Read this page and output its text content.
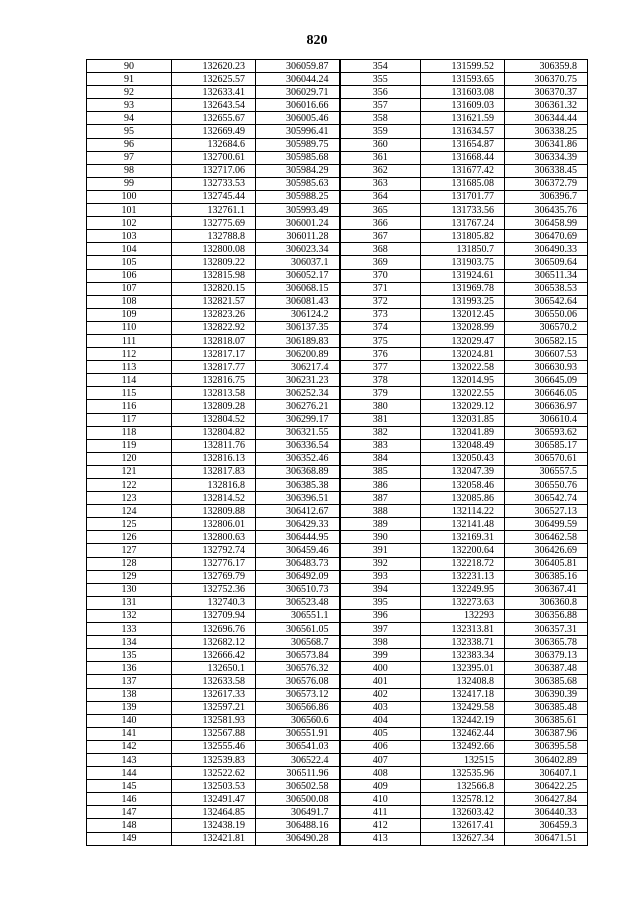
820
90	132620.23	306059.87	354	131599.52	306359.8
91	132625.57	306044.24	355	131593.65	306370.75
92	132633.41	306029.71	356	131603.08	306370.37
93	132643.54	306016.66	357	131609.03	306361.32
94	132655.67	306005.46	358	131621.59	306344.44
95	132669.49	305996.41	359	131634.57	306338.25
96	132684.6	305989.75	360	131654.87	306341.86
97	132700.61	305985.68	361	131668.44	306334.39
98	132717.06	305984.29	362	131677.42	306338.45
99	132733.53	305985.63	363	131685.08	306372.79
100	132745.44	305988.25	364	131701.77	306396.7
101	132761.1	305993.49	365	131733.56	306435.76
102	132775.69	306001.24	366	131767.24	306458.99
103	132788.8	306011.28	367	131805.82	306470.69
104	132800.08	306023.34	368	131850.7	306490.33
105	132809.22	306037.1	369	131903.75	306509.64
106	132815.98	306052.17	370	131924.61	306511.34
107	132820.15	306068.15	371	131969.78	306538.53
108	132821.57	306081.43	372	131993.25	306542.64
109	132823.26	306124.2	373	132012.45	306550.06
110	132822.92	306137.35	374	132028.99	306570.2
111	132818.07	306189.83	375	132029.47	306582.15
112	132817.17	306200.89	376	132024.81	306607.53
113	132817.77	306217.4	377	132022.58	306630.93
114	132816.75	306231.23	378	132014.95	306645.09
115	132813.58	306252.34	379	132022.55	306646.05
116	132809.28	306276.21	380	132029.12	306636.97
117	132804.52	306299.17	381	132031.85	306610.4
118	132804.82	306321.55	382	132041.89	306593.62
119	132811.76	306336.54	383	132048.49	306585.17
120	132816.13	306352.46	384	132050.43	306570.61
121	132817.83	306368.89	385	132047.39	306557.5
122	132816.8	306385.38	386	132058.46	306550.76
123	132814.52	306396.51	387	132085.86	306542.74
124	132809.88	306412.67	388	132114.22	306527.13
125	132806.01	306429.33	389	132141.48	306499.59
126	132800.63	306444.95	390	132169.31	306462.58
127	132792.74	306459.46	391	132200.64	306426.69
128	132776.17	306483.73	392	132218.72	306405.81
129	132769.79	306492.09	393	132231.13	306385.16
130	132752.36	306510.73	394	132249.95	306367.41
131	132740.3	306523.48	395	132273.63	306360.8
132	132709.94	306551.1	396	132293	306356.88
133	132696.76	306561.05	397	132313.81	306357.31
134	132682.12	306568.7	398	132338.71	306365.78
135	132666.42	306573.84	399	132383.34	306379.13
136	132650.1	306576.32	400	132395.01	306387.48
137	132633.58	306576.08	401	132408.8	306385.68
138	132617.33	306573.12	402	132417.18	306390.39
139	132597.21	306566.86	403	132429.58	306385.48
140	132581.93	306560.6	404	132442.19	306385.61
141	132567.88	306551.91	405	132462.44	306387.96
142	132555.46	306541.03	406	132492.66	306395.58
143	132539.83	306522.4	407	132515	306402.89
144	132522.62	306511.96	408	132535.96	306407.1
145	132503.53	306502.58	409	132566.8	306422.25
146	132491.47	306500.08	410	132578.12	306427.84
147	132464.85	306491.7	411	132603.42	306440.33
148	132438.19	306488.16	412	132617.41	306459.3
149	132421.81	306490.28	413	132627.34	306471.51
